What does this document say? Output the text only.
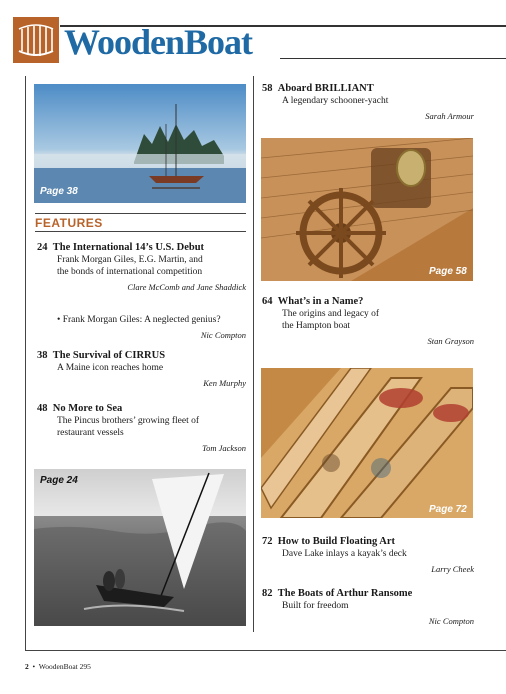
WoodenBoat
Page 38
FEATURES
24 The International 14’s U.S. Debut
Frank Morgan Giles, E.G. Martin, and
the bonds of international competition
Clare McComb and Jane Shaddick
• Frank Morgan Giles: A neglected genius?
Nic Compton
38 The Survival of CIRRUS
A Maine icon reaches home
Ken Murphy
48 No More to Sea
The Pincus brothers’ growing fleet of
restaurant vessels
Tom Jackson
Page 24
58 Aboard BRILLIANT
A legendary schooner-yacht
Sarah Armour
Page 58
64 What’s in a Name?
The origins and legacy of
the Hampton boat
Stan Grayson
Page 72
72 How to Build Floating Art
Dave Lake inlays a kayak’s deck
Larry Cheek
82 The Boats of Arthur Ransome
Built for freedom
Nic Compton
2 • WoodenBoat 295
